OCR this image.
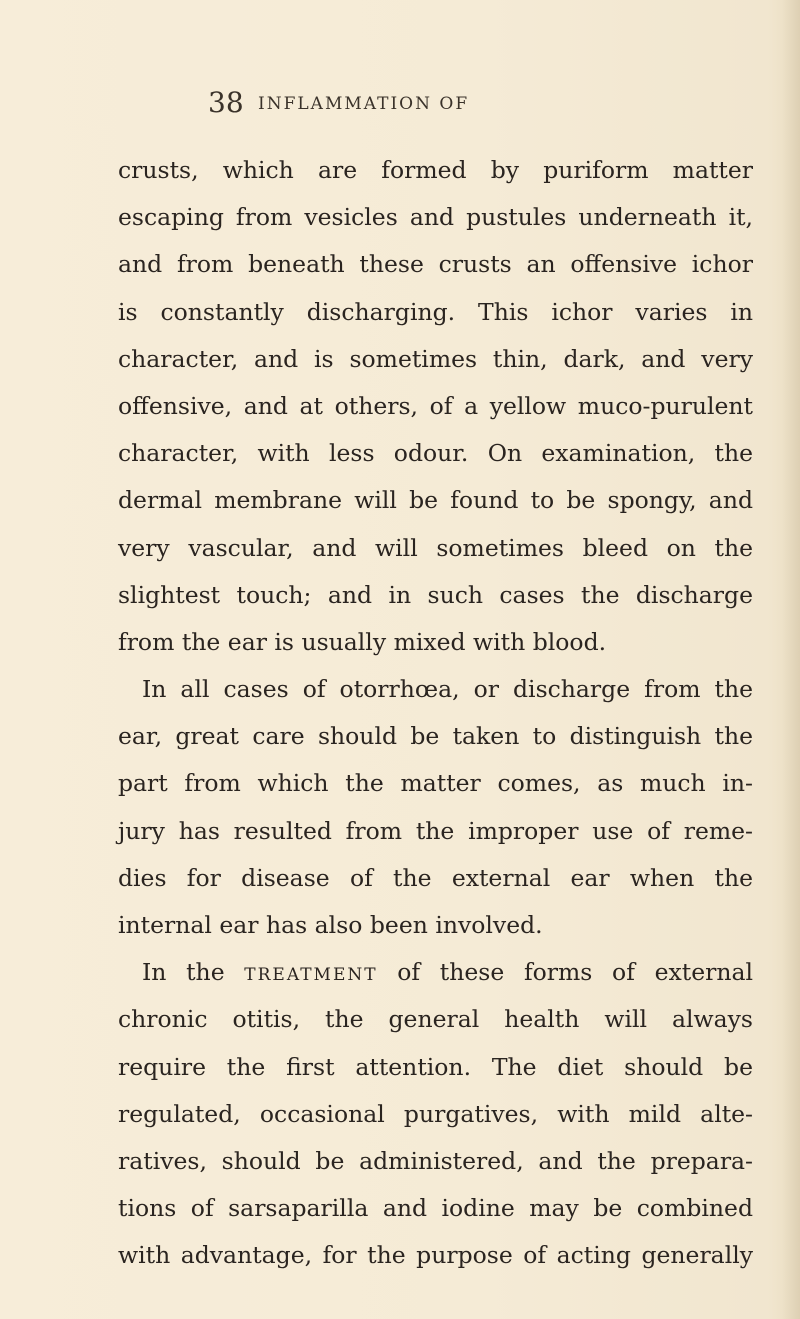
38 INFLAMMATION OF
crusts, which are formed by puriform matter
escaping from vesicles and pustules underneath it,
and from beneath these crusts an offensive ichor
is constantly discharging. This ichor varies in
character, and is sometimes thin, dark, and very
offensive, and at others, of a yellow muco-purulent
character, with less odour. On examination, the
dermal membrane will be found to be spongy, and
very vascular, and will sometimes bleed on the
slightest touch; and in such cases the discharge
from the ear is usually mixed with blood.
In all cases of otorrhœa, or discharge from the
ear, great care should be taken to distinguish the
part from which the matter comes, as much in-
jury has resulted from the improper use of reme-
dies for disease of the external ear when the
internal ear has also been involved.
In the TREATMENT of these forms of external
chronic otitis, the general health will always
require the first attention. The diet should be
regulated, occasional purgatives, with mild alte-
ratives, should be administered, and the prepara-
tions of sarsaparilla and iodine may be combined
with advantage, for the purpose of acting generally
